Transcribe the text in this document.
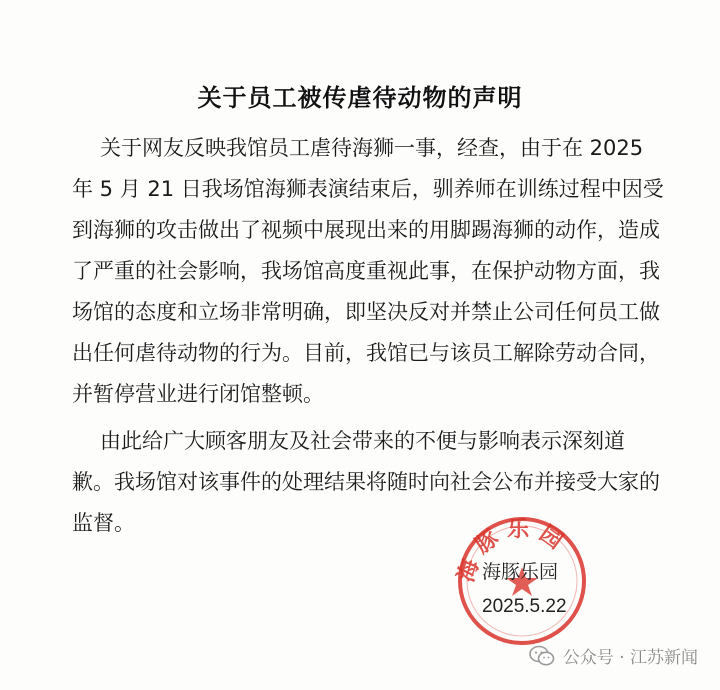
关于员工被传虐待动物的声明

关于网友反映我馆员工虐待海狮一事，经查，由于在 2025
年 5 月 21 日我场馆海狮表演结束后，驯养师在训练过程中因受
到海狮的攻击做出了视频中展现出来的用脚踢海狮的动作，造成
了严重的社会影响，我场馆高度重视此事，在保护动物方面，我
场馆的态度和立场非常明确，即坚决反对并禁止公司任何员工做
出任何虐待动物的行为。目前，我馆已与该员工解除劳动合同，
并暂停营业进行闭馆整顿。

由此给广大顾客朋友及社会带来的不便与影响表示深刻道
歉。我场馆对该事件的处理结果将随时向社会公布并接受大家的
监督。

海豚乐园
海豚乐园
2025.5.22
公众号 · 江苏新闻
